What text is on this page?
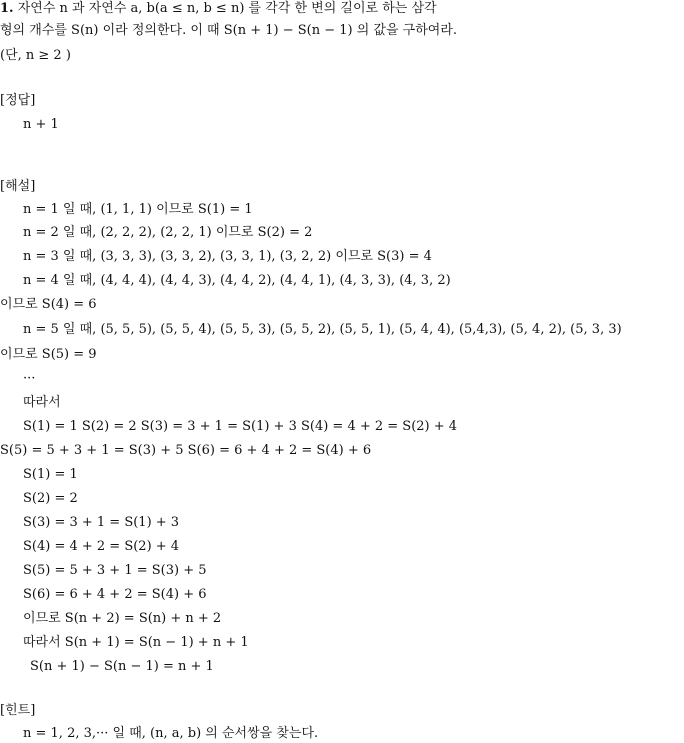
1. 자연수 n 과 자연수 a, b(a ≤ n, b ≤ n) 를 각각 한 변의 길이로 하는 삼각
형의 개수를 S(n) 이라 정의한다. 이 때 S(n + 1) − S(n − 1) 의 값을 구하여라.
(단, n ≥ 2 )
[정답]
n + 1
[해설]
n = 1 일 때, (1, 1, 1) 이므로 S(1) = 1
n = 2 일 때, (2, 2, 2), (2, 2, 1) 이므로 S(2) = 2
n = 3 일 때, (3, 3, 3), (3, 3, 2), (3, 3, 1), (3, 2, 2) 이므로 S(3) = 4
n = 4 일 때, (4, 4, 4), (4, 4, 3), (4, 4, 2), (4, 4, 1), (4, 3, 3), (4, 3, 2)
이므로 S(4) = 6
n = 5 일 때, (5, 5, 5), (5, 5, 4), (5, 5, 3), (5, 5, 2), (5, 5, 1), (5, 4, 4), (5,4,3), (5, 4, 2), (5, 3, 3)
이므로 S(5) = 9
···
따라서
S(1) = 1 S(2) = 2 S(3) = 3 + 1 = S(1) + 3 S(4) = 4 + 2 = S(2) + 4
S(5) = 5 + 3 + 1 = S(3) + 5 S(6) = 6 + 4 + 2 = S(4) + 6
S(1) = 1
S(2) = 2
S(3) = 3 + 1 = S(1) + 3
S(4) = 4 + 2 = S(2) + 4
S(5) = 5 + 3 + 1 = S(3) + 5
S(6) = 6 + 4 + 2 = S(4) + 6
이므로 S(n + 2) = S(n) + n + 2
따라서 S(n + 1) = S(n − 1) + n + 1
S(n + 1) − S(n − 1) = n + 1
[힌트]
n = 1, 2, 3,··· 일 때, (n, a, b) 의 순서쌍을 찾는다.
